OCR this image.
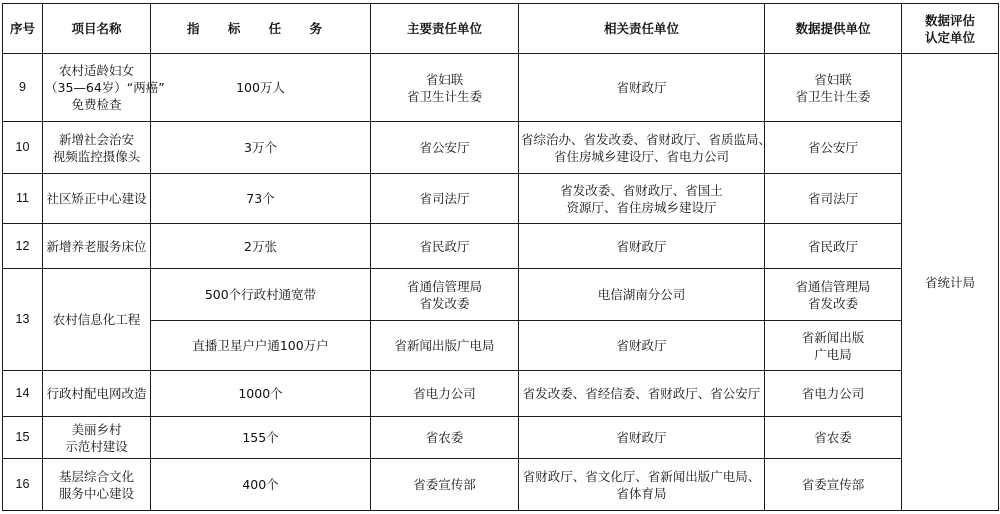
序号	项目名称	指 标 任 务	主要责任单位	相关责任单位	数据提供单位	数据评估
认定单位

9	农村适龄妇女
（35—64岁）“两癌”
免费检查	100万人	省妇联
省卫生计生委	省财政厅	省妇联
省卫生计生委	省统计局
10	新增社会治安
视频监控摄像头	3万个	省公安厅	省综治办、省发改委、省财政厅、省质监局、
省住房城乡建设厅、省电力公司	省公安厅	

11	社区矫正中心建设	73个	省司法厅	省发改委、省财政厅、省国土
资源厅、省住房城乡建设厅	省司法厅	

12	新增养老服务床位	2万张	省民政厅	省财政厅	省民政厅	

13	农村信息化工程	500个行政村通宽带	省通信管理局
省发改委	电信湖南分公司	省通信管理局
省发改委	

		直播卫星户户通100万户	省新闻出版广电局	省财政厅	省新闻出版
广电局	

14	行政村配电网改造	1000个	省电力公司	省发改委、省经信委、省财政厅、省公安厅	省电力公司	

15	美丽乡村
示范村建设	155个	省农委	省财政厅	省农委	

16	基层综合文化
服务中心建设	400个	省委宣传部	省财政厅、省文化厅、省新闻出版广电局、
省体育局	省委宣传部	
